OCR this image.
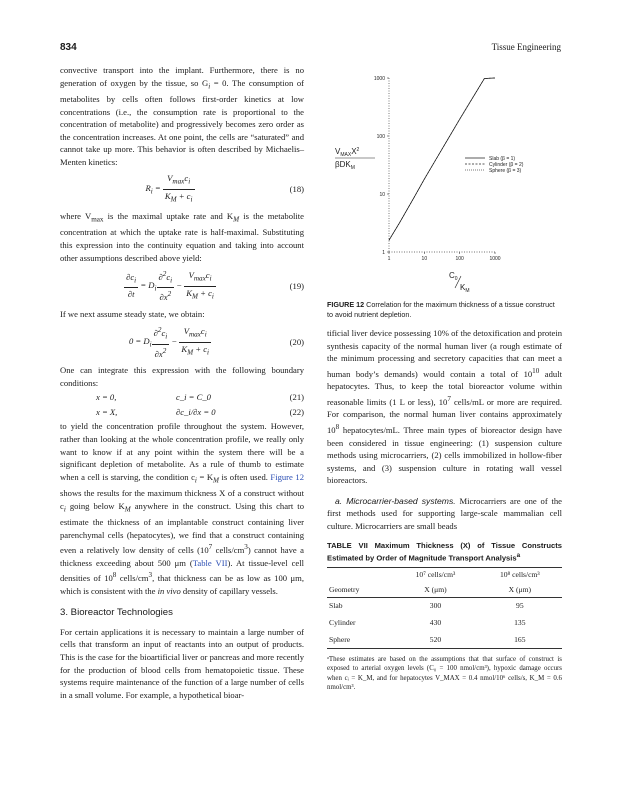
834	Tissue Engineering

convective transport into the implant. Furthermore, there is no generation of oxygen by the tissue, so $G_i = 0$. The consumption of metabolites by cells often follows first-order kinetics at low concentrations (i.e., the consumption rate is proportional to the concentration of metabolite) and progressively becomes zero order as the concentration increases. At one point, the cells are “saturated” and cannot take up more. This behavior is often described by Michaelis–Menten kinetics:

$R_i = \frac{V_{max}c_i}{K_M + c_i}$	(18)

where $V_{max}$ is the maximal uptake rate and $K_M$ is the metabolite concentration at which the uptake rate is half-maximal. Substituting this expression into the continuity equation and taking into account other assumptions described above yield:

$\frac{\partial c_i}{\partial t} = D_i \frac{\partial^2c_i}{\partial x^2} - \frac{V_{max}c_i}{K_M + c_i}$	(19)

If we next assume steady state, we obtain:

$0 = D_i \frac{\partial^2c_i}{\partial x^2} - \frac{V_{max}c_i}{K_M + c_i}$	(20)

One can integrate this expression with the following boundary conditions:

x = 0,	c_i = C_0	(21)
x = X,	∂c_i/∂x = 0	(22)

to yield the concentration profile throughout the system. However, rather than looking at the whole concentration profile, we really only want to know if at any point within the system there will be a significant depletion of metabolite. As a rule of thumb to estimate when a cell is starving, the condition $c_i = K_M$ is often used. Figure 12 shows the results for the maximum thickness X of a construct without $c_i$ going below $K_M$ anywhere in the construct. Using this chart to estimate the thickness of an implantable construct containing liver parenchymal cells (hepatocytes), we find that a construct containing even a relatively low density of cells ($10^7$ cells/$cm^3$) cannot have a thickness exceeding about 500 μm (Table VII). At tissue-level cell densities of $10^8$ cells/$cm^3$, that thickness can be as low as 100 μm, which is consistent with the in vivo density of capillary vessels.

3. Bioreactor Technologies

For certain applications it is necessary to maintain a large number of cells that transform an input of reactants into an output of products. This is the case for the bioartificial liver or pancreas and more recently for the production of blood cells from hematopoietic tissue. These systems require maintenance of the function of a large number of cells in a small volume. For example, a hypothetical bioar-

1
1
10
10
100
100
1000
1000
$V_{MAX}X^2$
βDK$_M$
$C_0$
$K_M$
Slab (β = 1)
Cylinder (β = 2)
Sphere (β = 3)
FIGURE 12 Correlation for the maximum thickness of a tissue construct to avoid nutrient depletion.

tificial liver device possessing 10% of the detoxification and protein synthesis capacity of the normal human liver (a rough estimate of the minimum processing and secretory capacities that can meet a human body’s demands) would contain a total of $10^{10}$ adult hepatocytes. Thus, to keep the total bioreactor volume within reasonable limits (1 L or less), $10^7$ cells/mL or more are required. For comparison, the normal human liver contains approximately $10^8$ hepatocytes/mL. Three main types of bioreactor design have been considered in tissue engineering: (1) suspension culture methods using microcarriers, (2) cells immobilized in hollow-fiber systems, and (3) suspension culture in rotating wall vessel bioreactors.

a. Microcarrier-based systems. Microcarriers are one of the first methods used for supporting large-scale mammalian cell culture. Microcarriers are small beads

TABLE VII Maximum Thickness (X) of Tissue Constructs Estimated by Order of Magnitude Transport Analysis$^a$
	10⁷ cells/cm³	10⁸ cells/cm³
Geometry	X (μm)	X (μm)
Slab	300	95
Cylinder	430	135
Sphere	520	165
ᵃThese estimates are based on the assumptions that that surface of construct is exposed to arterial oxygen levels (C₀ = 100 nmol/cm³), hypoxic damage occurs when cᵢ = K_M, and for hepatocytes V_MAX = 0.4 nmol/10⁶ cells/s, K_M = 0.6 nmol/cm³.
